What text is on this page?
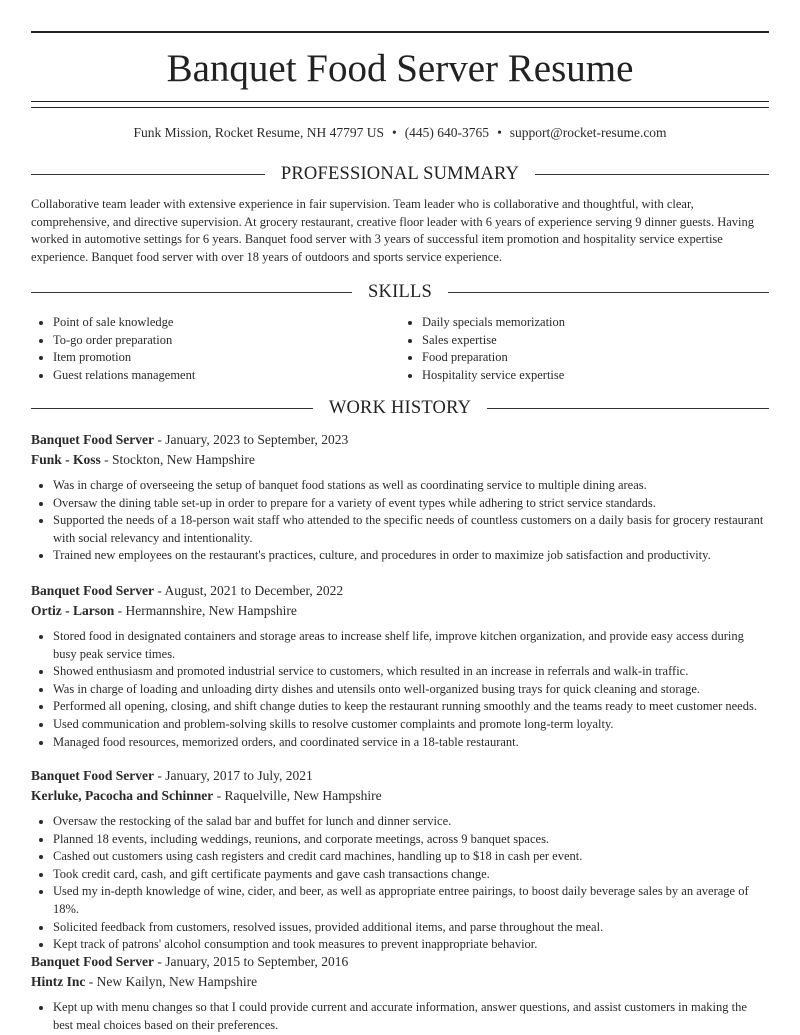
Banquet Food Server Resume
Funk Mission, Rocket Resume, NH 47797 US • (445) 640-3765 • support@rocket-resume.com
PROFESSIONAL SUMMARY

Collaborative team leader with extensive experience in fair supervision. Team leader who is collaborative and thoughtful, with clear, comprehensive, and directive supervision. At grocery restaurant, creative floor leader with 6 years of experience serving 9 dinner guests. Having worked in automotive settings for 6 years. Banquet food server with 3 years of successful item promotion and hospitality service expertise experience. Banquet food server with over 18 years of outdoors and sports service experience.

SKILLS
• Point of sale knowledge
• To-go order preparation
• Item promotion
• Guest relations management
• Daily specials memorization
• Sales expertise
• Food preparation
• Hospitality service expertise
WORK HISTORY

Banquet Food Server - January, 2023 to September, 2023

Funk - Koss - Stockton, New Hampshire

• Was in charge of overseeing the setup of banquet food stations as well as coordinating service to multiple dining areas.
• Oversaw the dining table set-up in order to prepare for a variety of event types while adhering to strict service standards.
• Supported the needs of a 18-person wait staff who attended to the specific needs of countless customers on a daily basis for grocery restaurant with social relevancy and intentionality.
• Trained new employees on the restaurant's practices, culture, and procedures in order to maximize job satisfaction and productivity.

Banquet Food Server - August, 2021 to December, 2022

Ortiz - Larson - Hermannshire, New Hampshire

• Stored food in designated containers and storage areas to increase shelf life, improve kitchen organization, and provide easy access during busy peak service times.
• Showed enthusiasm and promoted industrial service to customers, which resulted in an increase in referrals and walk-in traffic.
• Was in charge of loading and unloading dirty dishes and utensils onto well-organized busing trays for quick cleaning and storage.
• Performed all opening, closing, and shift change duties to keep the restaurant running smoothly and the teams ready to meet customer needs.
• Used communication and problem-solving skills to resolve customer complaints and promote long-term loyalty.
• Managed food resources, memorized orders, and coordinated service in a 18-table restaurant.

Banquet Food Server - January, 2017 to July, 2021

Kerluke, Pacocha and Schinner - Raquelville, New Hampshire

• Oversaw the restocking of the salad bar and buffet for lunch and dinner service.
• Planned 18 events, including weddings, reunions, and corporate meetings, across 9 banquet spaces.
• Cashed out customers using cash registers and credit card machines, handling up to $18 in cash per event.
• Took credit card, cash, and gift certificate payments and gave cash transactions change.
• Used my in-depth knowledge of wine, cider, and beer, as well as appropriate entree pairings, to boost daily beverage sales by an average of 18%.
• Solicited feedback from customers, resolved issues, provided additional items, and parse throughout the meal.
• Kept track of patrons' alcohol consumption and took measures to prevent inappropriate behavior.

Banquet Food Server - January, 2015 to September, 2016

Hintz Inc - New Kailyn, New Hampshire

• Kept up with menu changes so that I could provide current and accurate information, answer questions, and assist customers in making the best meal choices based on their preferences.
